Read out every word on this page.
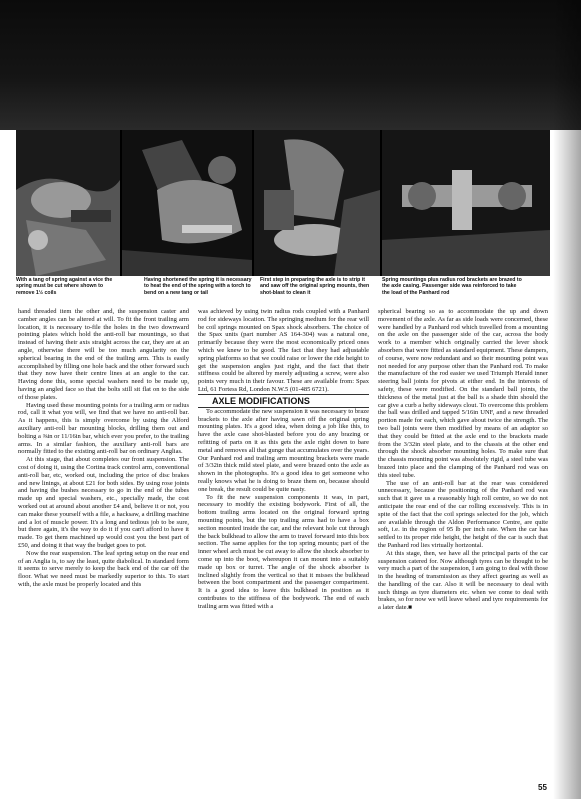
With a tang of spring against a vice the spring must be cut where shown to remove 1½ coils
Having shortened the spring it is necessary to heat the end of the spring with a torch to bend on a new tang or tail
First step in preparing the axle is to strip it and saw off the original spring mounts, then shot-blast to clean it
Spring mountings plus radius rod brackets are brazed to the axle casing. Passenger side was reinforced to take the load of the Panhard rod

hand threaded item the other and, the suspension caster and camber angles can be altered at will. To fit the front trailing arm location, it is necessary to-file the holes in the two downward pointing plates which hold the anti-roll bar mountings, so that instead of having their axis straight across the car, they are at an angle, otherwise there will be too much angularity on the spherical bearing in the end of the trailing arm. This is easily accomplished by filling one hole back and the other forward such that they now have their centre lines at an angle to the car. Having done this, some special washers need to be made up, having an angled face so that the bolts still sit flat on to the side of those plates.

Having used these mounting points for a trailing arm or radius rod, call it what you will, we find that we have no anti-roll bar. As it happens, this is simply overcome by using the Alford auxiliary anti-roll bar mounting blocks, drilling them out and bolting a ⅜in or 11/16in bar, which ever you prefer, to the trailing arms. In a similar fashion, the auxiliary anti-roll bars are normally fitted to the existing anti-roll bar on ordinary Anglias.

At this stage, that about completes our front suspension. The cost of doing it, using the Cortina track control arm, conventional anti-roll bar, etc, worked out, including the price of disc brakes and new linings, at about £21 for both sides. By using rose joints and having the bushes necessary to go in the end of the tubes made up and special washers, etc., specially made, the cost worked out at around about another £4 and, believe it or not, you can make these yourself with a file, a hacksaw, a drilling machine and a lot of muscle power. It's a long and tedious job to be sure, but there again, it's the way to do it if you can't afford to have it made. To get them machined up would cost you the best part of £50, and doing it that way the budget goes to pot.

Now the rear suspension. The leaf spring setup on the rear end of an Anglia is, to say the least, quite diabolical. In standard form it seems to serve merely to keep the back end of the car off the floor. What we need must be markedly superior to this. To start with, the axle must be properly located and this

was achieved by using twin radius rods coupled with a Panhard rod for sideways location. The springing medium for the rear will be coil springs mounted on Spax shock absorbers. The choice of the Spax units (part number AS 164-304) was a natural one, primarily because they were the most economically priced ones which we knew to be good. The fact that they had adjustable spring platforms so that we could raise or lower the ride height to get the suspension angles just right, and the fact that their stiffness could be altered by merely adjusting a screw, were also points very much in their favour. These are available from: Spax Ltd, 61 Fortess Rd, London N.W.5 (01-485 6721).

AXLE MODIFICATIONS

To accommodate the new suspension it was necessary to braze brackets to the axle after having sawn off the original spring mounting plates. It's a good idea, when doing a job like this, to have the axle case shot-blasted before you do any brazing or refitting of parts on it as this gets the axle right down to bare metal and removes all that gunge that accumulates over the years. Our Panhard rod and trailing arm mounting brackets were made of 3/32in thick mild steel plate, and were brazed onto the axle as shown in the photographs. It's a good idea to get someone who really knows what he is doing to braze them on, because should one break, the result could be quite nasty.

To fit the new suspension components it was, in part, necessary to modify the existing bodywork. First of all, the bottom trailing arms located on the original forward spring mounting points, but the top trailing arms had to have a box section mounted inside the car, and the relevant hole cut through the back bulkhead to allow the arm to travel forward into this box section. The same applies for the top spring mounts; part of the inner wheel arch must be cut away to allow the shock absorber to come up into the boot, whereupon it can mount into a suitably made up box or turret. The angle of the shock absorber is inclined slightly from the vertical so that it misses the bulkhead between the boot compartment and the passenger compartment. It is a good idea to leave this bulkhead in position as it contributes to the stiffness of the bodywork. The end of each trailing arm was fitted with a

spherical bearing so as to accommodate the up and down movement of the axle. As far as side loads were concerned, these were handled by a Panhard rod which travelled from a mounting on the axle on the passenger side of the car, across the body work to a member which originally carried the lever shock absorbers that were fitted as standard equipment. These dampers, of course, were now redundant and so their mounting point was not needed for any purpose other than the Panhard rod. To make the manufacture of the rod easier we used Triumph Herald inner steering ball joints for pivots at either end. In the interests of safety, these were modified. On the standard ball joints, the thickness of the metal just at the ball is a shade thin should the car give a curb a hefty sideways clout. To overcome this problem the ball was drilled and tapped 5/16in UNF, and a new threaded portion made for each, which gave about twice the strength. The two ball joints were then modified by means of an adaptor so that they could be fitted at the axle end to the brackets made from the 3/32in steel plate, and to the chassis at the other end through the shock absorber mounting holes. To make sure that the chassis mounting point was absolutely rigid, a steel tube was brazed into place and the clamping of the Panhard rod was on this steel tube.

The use of an anti-roll bar at the rear was considered unnecessary, because the positioning of the Panhard rod was such that it gave us a reasonably high roll centre, so we do not anticipate the rear end of the car rolling excessively. This is in spite of the fact that the coil springs selected for the job, which are available through the Aldon Performance Centre, are quite soft, i.e. in the region of 95 lb per inch rate. When the car has settled to its proper ride height, the height of the car is such that the Panhard rod lies virtually horizontal.

At this stage, then, we have all the principal parts of the car suspension catered for. Now although tyres can be thought to be very much a part of the suspension, I am going to deal with those in the heading of transmission as they affect gearing as well as the handling of the car. Also it will be necessary to deal with such things as tyre diameters etc. when we come to deal with brakes, so for now we will leave wheel and tyre requirements for a later date.■

55
